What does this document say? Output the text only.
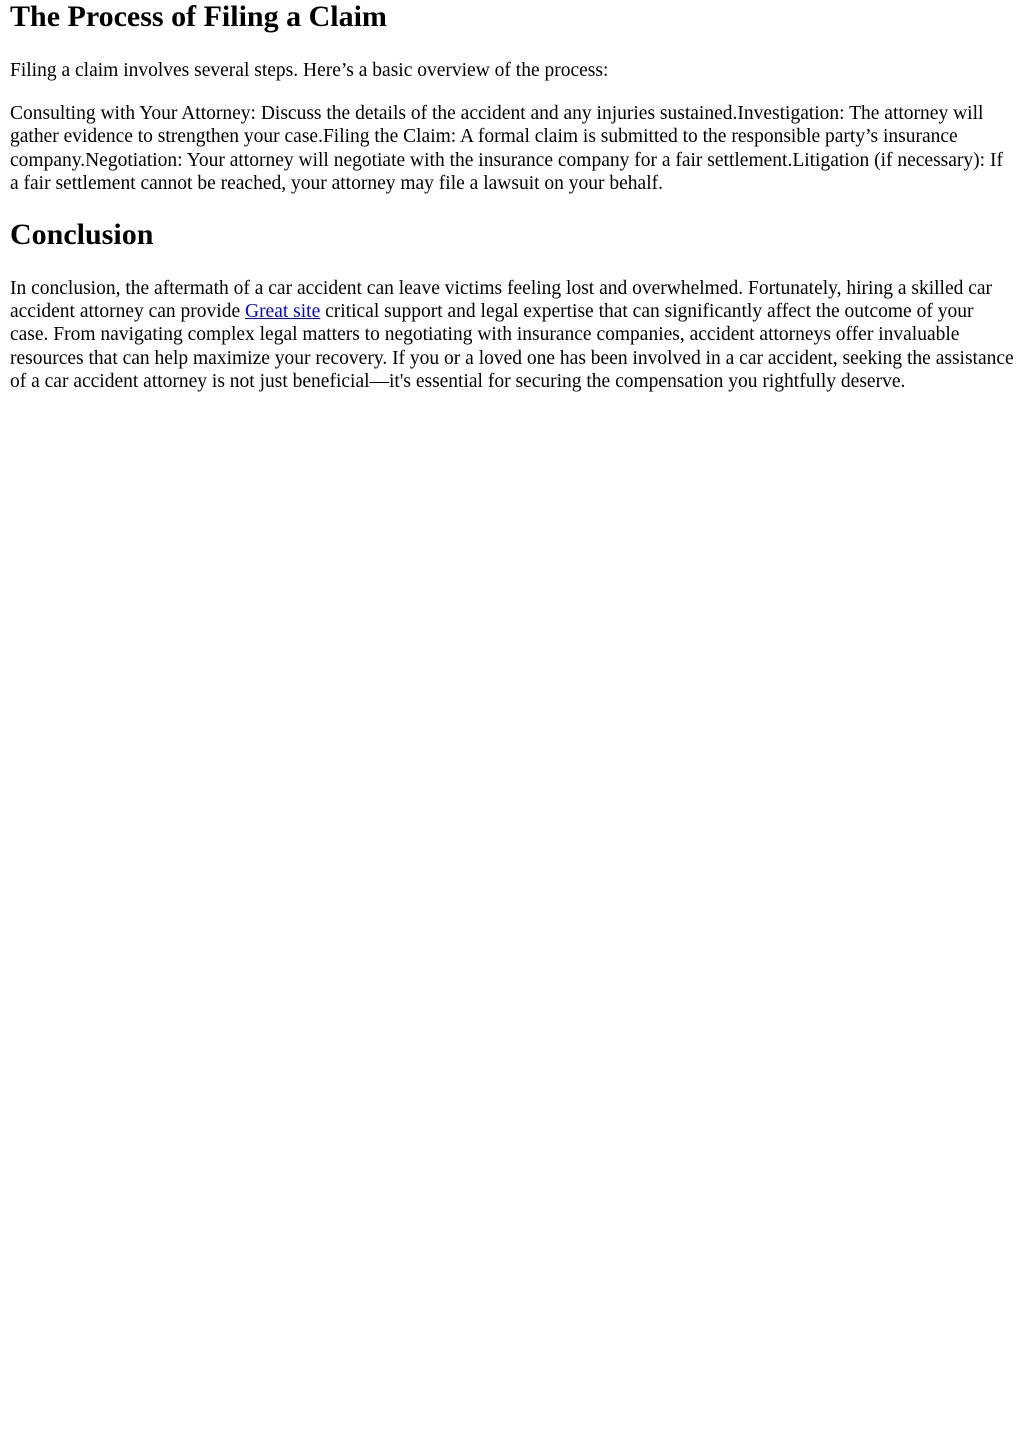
The Process of Filing a Claim

Filing a claim involves several steps. Here’s a basic overview of the process:

Consulting with Your Attorney: Discuss the details of the accident and any injuries sustained.Investigation: The attorney will gather evidence to strengthen your case.Filing the Claim: A formal claim is submitted to the responsible party’s insurance company.Negotiation: Your attorney will negotiate with the insurance company for a fair settlement.Litigation (if necessary): If a fair settlement cannot be reached, your attorney may file a lawsuit on your behalf.

Conclusion

In conclusion, the aftermath of a car accident can leave victims feeling lost and overwhelmed. Fortunately, hiring a skilled car accident attorney can provide Great site critical support and legal expertise that can significantly affect the outcome of your case. From navigating complex legal matters to negotiating with insurance companies, accident attorneys offer invaluable resources that can help maximize your recovery. If you or a loved one has been involved in a car accident, seeking the assistance of a car accident attorney is not just beneficial—it's essential for securing the compensation you rightfully deserve.
